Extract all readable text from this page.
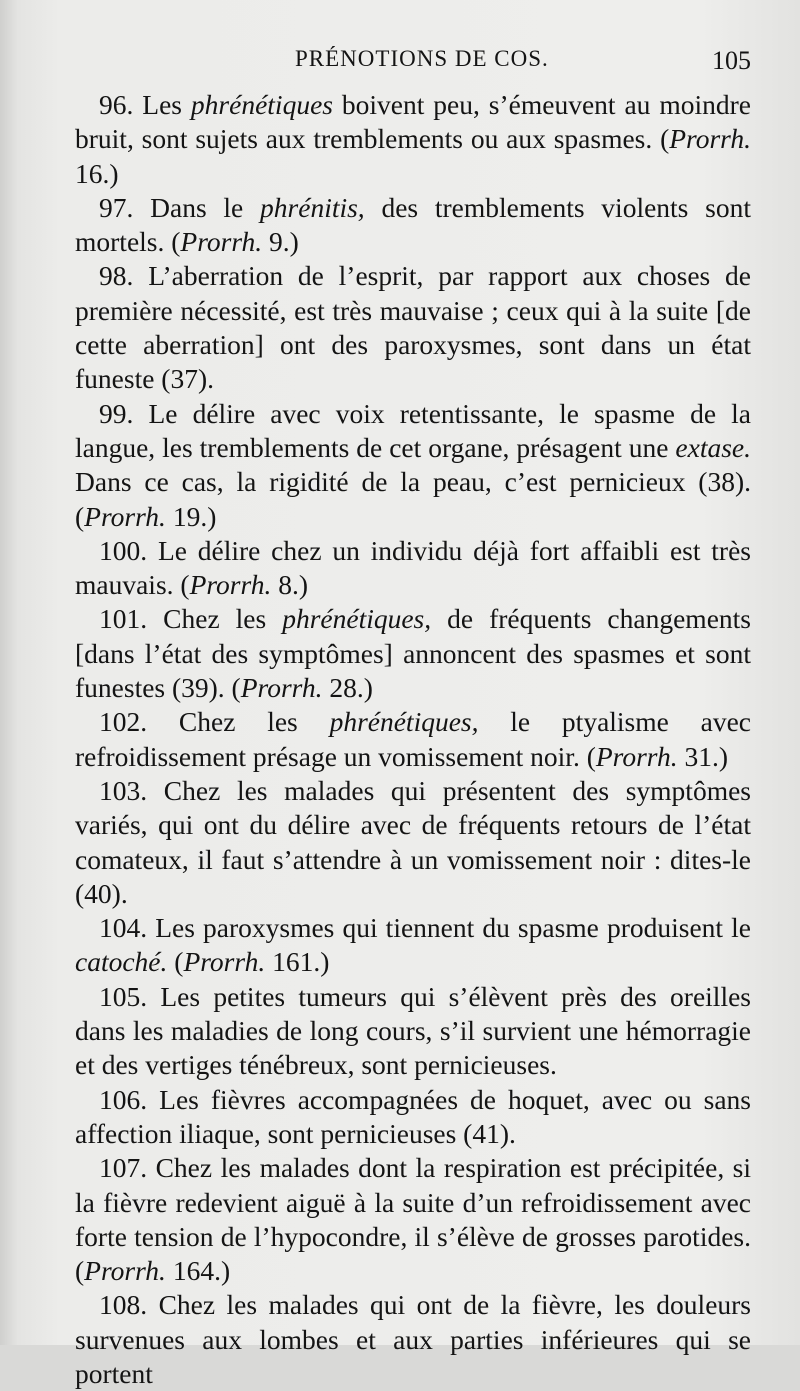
PRÉNOTIONS DE COS.	105

96. Les phrénétiques boivent peu, s’émeuvent au moindre bruit, sont sujets aux tremblements ou aux spasmes. (Prorrh. 16.)

97. Dans le phrénitis, des tremblements violents sont mortels. (Prorrh. 9.)

98. L’aberration de l’esprit, par rapport aux choses de première nécessité, est très mauvaise ; ceux qui à la suite [de cette aberration] ont des paroxysmes, sont dans un état funeste (37).

99. Le délire avec voix retentissante, le spasme de la langue, les tremblements de cet organe, présagent une extase. Dans ce cas, la rigidité de la peau, c’est pernicieux (38). (Prorrh. 19.)

100. Le délire chez un individu déjà fort affaibli est très mauvais. (Prorrh. 8.)

101. Chez les phrénétiques, de fréquents changements [dans l’état des symptômes] annoncent des spasmes et sont funestes (39). (Prorrh. 28.)

102. Chez les phrénétiques, le ptyalisme avec refroidissement présage un vomissement noir. (Prorrh. 31.)

103. Chez les malades qui présentent des symptômes variés, qui ont du délire avec de fréquents retours de l’état comateux, il faut s’attendre à un vomissement noir : dites-le (40).

104. Les paroxysmes qui tiennent du spasme produisent le catoché. (Prorrh. 161.)

105. Les petites tumeurs qui s’élèvent près des oreilles dans les maladies de long cours, s’il survient une hémorragie et des vertiges ténébreux, sont pernicieuses.

106. Les fièvres accompagnées de hoquet, avec ou sans affection iliaque, sont pernicieuses (41).

107. Chez les malades dont la respiration est précipitée, si la fièvre redevient aiguë à la suite d’un refroidissement avec forte tension de l’hypocondre, il s’élève de grosses parotides. (Prorrh. 164.)

108. Chez les malades qui ont de la fièvre, les douleurs survenues aux lombes et aux parties inférieures qui se portent
